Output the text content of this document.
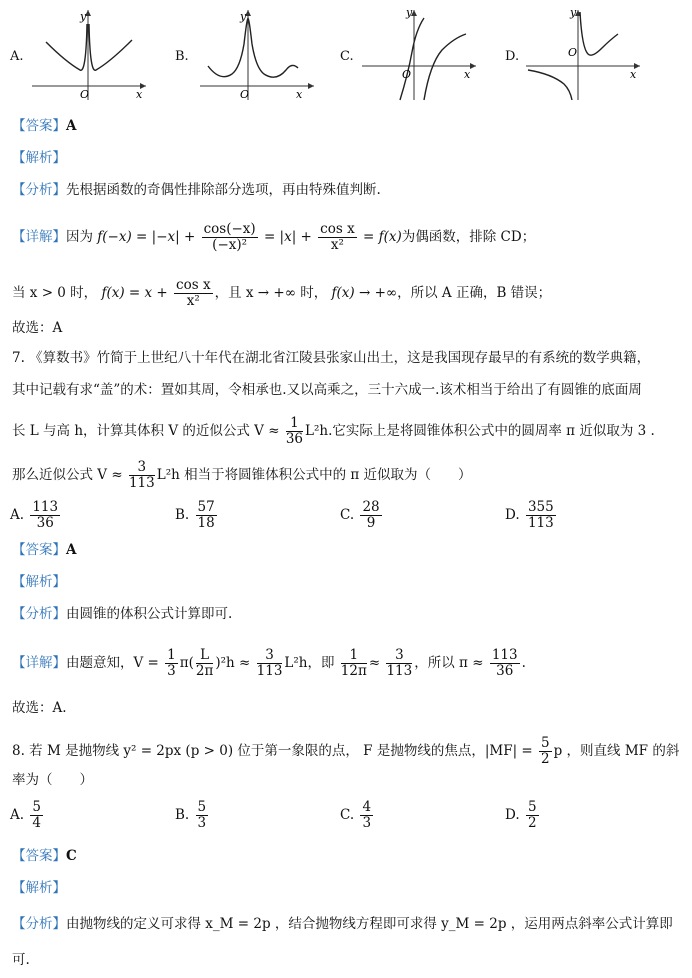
A.
y
O	x
B.
y
O	x
C.
y
O	x
D.
y
O
x
【答案】A
【解析】
【分析】先根据函数的奇偶性排除部分选项，再由特殊值判断.
【详解】因为 $f(-x) = |-x| + \frac{\cos(-x)}{\text{(−x)²}} = |x| + \frac{\text{cos x}}{\text{x²}} = f(x)$为偶函数，排除 CD；
当 x > 0 时， $f(x) = x + \frac{\text{cos x}}{\text{x²}}$ ，且 x → +∞ 时， f(x) → +∞，所以 A 正确，B 错误；
故选：A
7. 《算数书》竹简于上世纪八十年代在湖北省江陵县张家山出土，这是我国现存最早的有系统的数学典籍，
其中记载有求“盖”的术：置如其周，令相承也.又以高乘之，三十六成一.该术相当于给出了有圆锥的底面周
长 L 与高 h，计算其体积 V 的近似公式 $V \approx \frac{1}{36} L^2h$.它实际上是将圆锥体积公式中的圆周率 π 近似取为 3 .
那么近似公式 $V \approx \frac{3}{113} L^2h$ 相当于将圆锥体积公式中的 π 近似取为（　　）
A. $\frac{113}{36}$	B. $\frac{57}{18}$	C. $\frac{28}{9}$	D. $\frac{355}{113}$
【答案】A
【解析】
【分析】由圆锥的体积公式计算即可.
【详解】由题意知，$V = \frac{1}{3} \pi( \frac{L}{2\pi} )^2h \approx \frac{3}{113} L^2h$，即 $\frac{1}{12\pi} \approx \frac{3}{113}$ ，所以 $\pi \approx \frac{113}{36}$ .
故选：A.
8. 若 M 是抛物线 y² = 2px (p > 0) 位于第一象限的点， F 是抛物线的焦点，$|MF| = \frac{5}{2}$ p ，则直线 MF 的斜
率为（　　）
A. $\frac{5}{4}$	B. $\frac{5}{3}$	C. $\frac{4}{3}$	D. $\frac{5}{2}$
【答案】C
【解析】
【分析】由抛物线的定义可求得 x_M = 2p ，结合抛物线方程即可求得 y_M = 2p ，运用两点斜率公式计算即
可.
